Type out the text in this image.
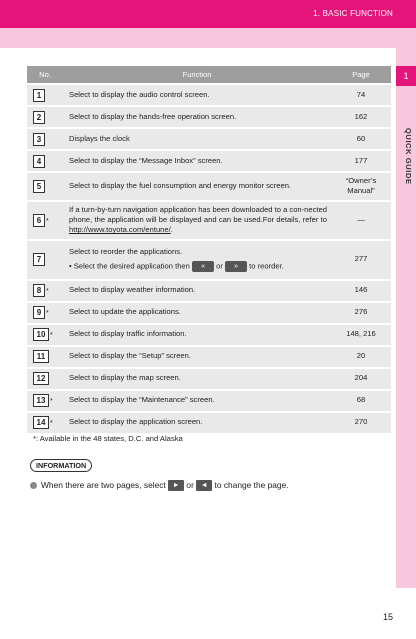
1. BASIC FUNCTION
1
QUICK GUIDE
No.	Function	Page
1	Select to display the audio control screen.	74
2	Select to display the hands-free operation screen.	162
3	Displays the clock	60
4	Select to display the “Message Inbox” screen.	177
5	Select to display the fuel consumption and energy monitor screen.	“Owner’s
Manual”
6 *	If a turn-by-turn navigation application has been downloaded to a con-nected phone, the application will be displayed and can be used.For details, refer to http://www.toyota.com/entune/.	—
7	Select to reorder the applications.
• Select the desired application then « or » to reorder.	277
8 *	Select to display weather information.	146
9 *	Select to update the applications.	276
10 *	Select to display traffic information.	148, 216
11	Select to display the “Setup” screen.	20
12	Select to display the map screen.	204
13 *	Select to display the “Maintenance” screen.	68
14 *	Select to display the application screen.	270
*: Available in the 48 states, D.C. and Alaska
INFORMATION
When there are two pages, select ► or ◄ to change the page.
15
